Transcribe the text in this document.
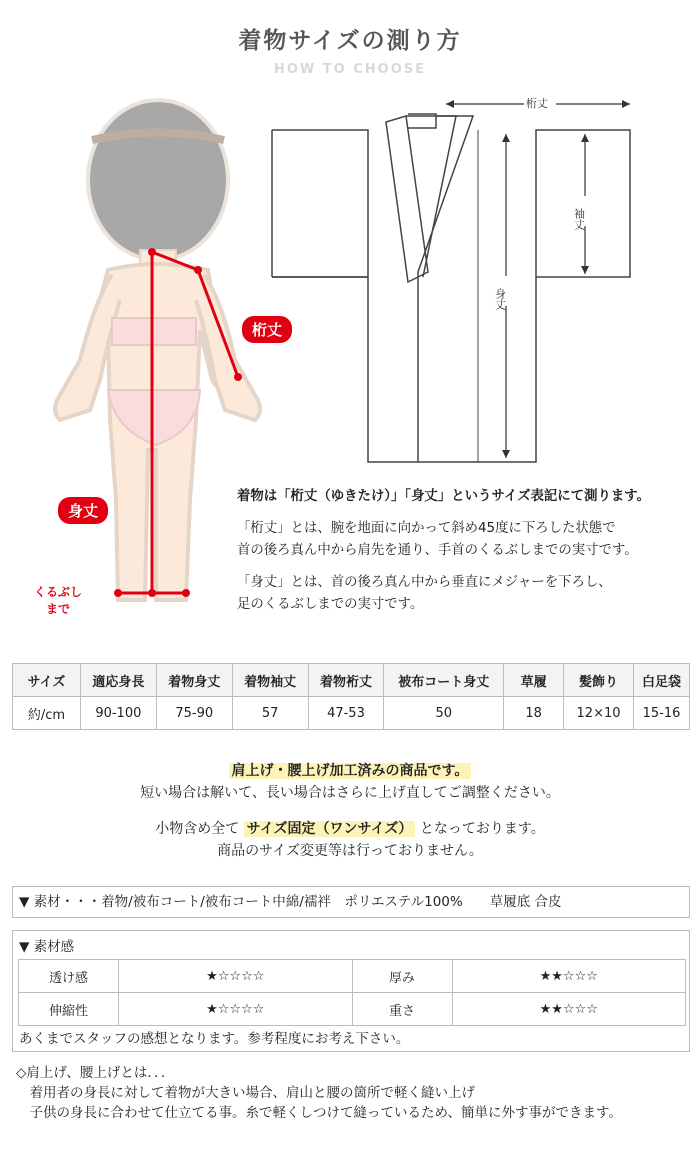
着物サイズの測り方
HOW TO CHOOSE
桁丈
身丈
くるぶし
まで
桁丈
袖丈
身丈

着物は「桁丈（ゆきたけ）」「身丈」というサイズ表記にて測ります。

「桁丈」とは、腕を地面に向かって斜め45度に下ろした状態で
首の後ろ真ん中から肩先を通り、手首のくるぶしまでの実寸です。

「身丈」とは、首の後ろ真ん中から垂直にメジャーを下ろし、
足のくるぶしまでの実寸です。

サイズ	適応身長	着物身丈	着物袖丈	着物裄丈	被布コート身丈	草履	髪飾り	白足袋
約/cm	90-100	75-90	57	47-53	50	18	12×10	15-16
肩上げ・腰上げ加工済みの商品です。
短い場合は解いて、長い場合はさらに上げ直してご調整ください。
小物含め全て サイズ固定（ワンサイズ） となっております。
商品のサイズ変更等は行っておりません。
▼ 素材・・・着物/被布コート/被布コート中綿/襦袢　ポリエステル100%　　草履底 合皮
▼ 素材感
透け感	★☆☆☆☆	厚み	★★☆☆☆
伸縮性	★☆☆☆☆	重さ	★★☆☆☆
あくまでスタッフの感想となります。参考程度にお考え下さい。
◇肩上げ、腰上げとは．．．
　着用者の身長に対して着物が大きい場合、肩山と腰の箇所で軽く縫い上げ
　子供の身長に合わせて仕立てる事。糸で軽くしつけて縫っているため、簡単に外す事ができます。
